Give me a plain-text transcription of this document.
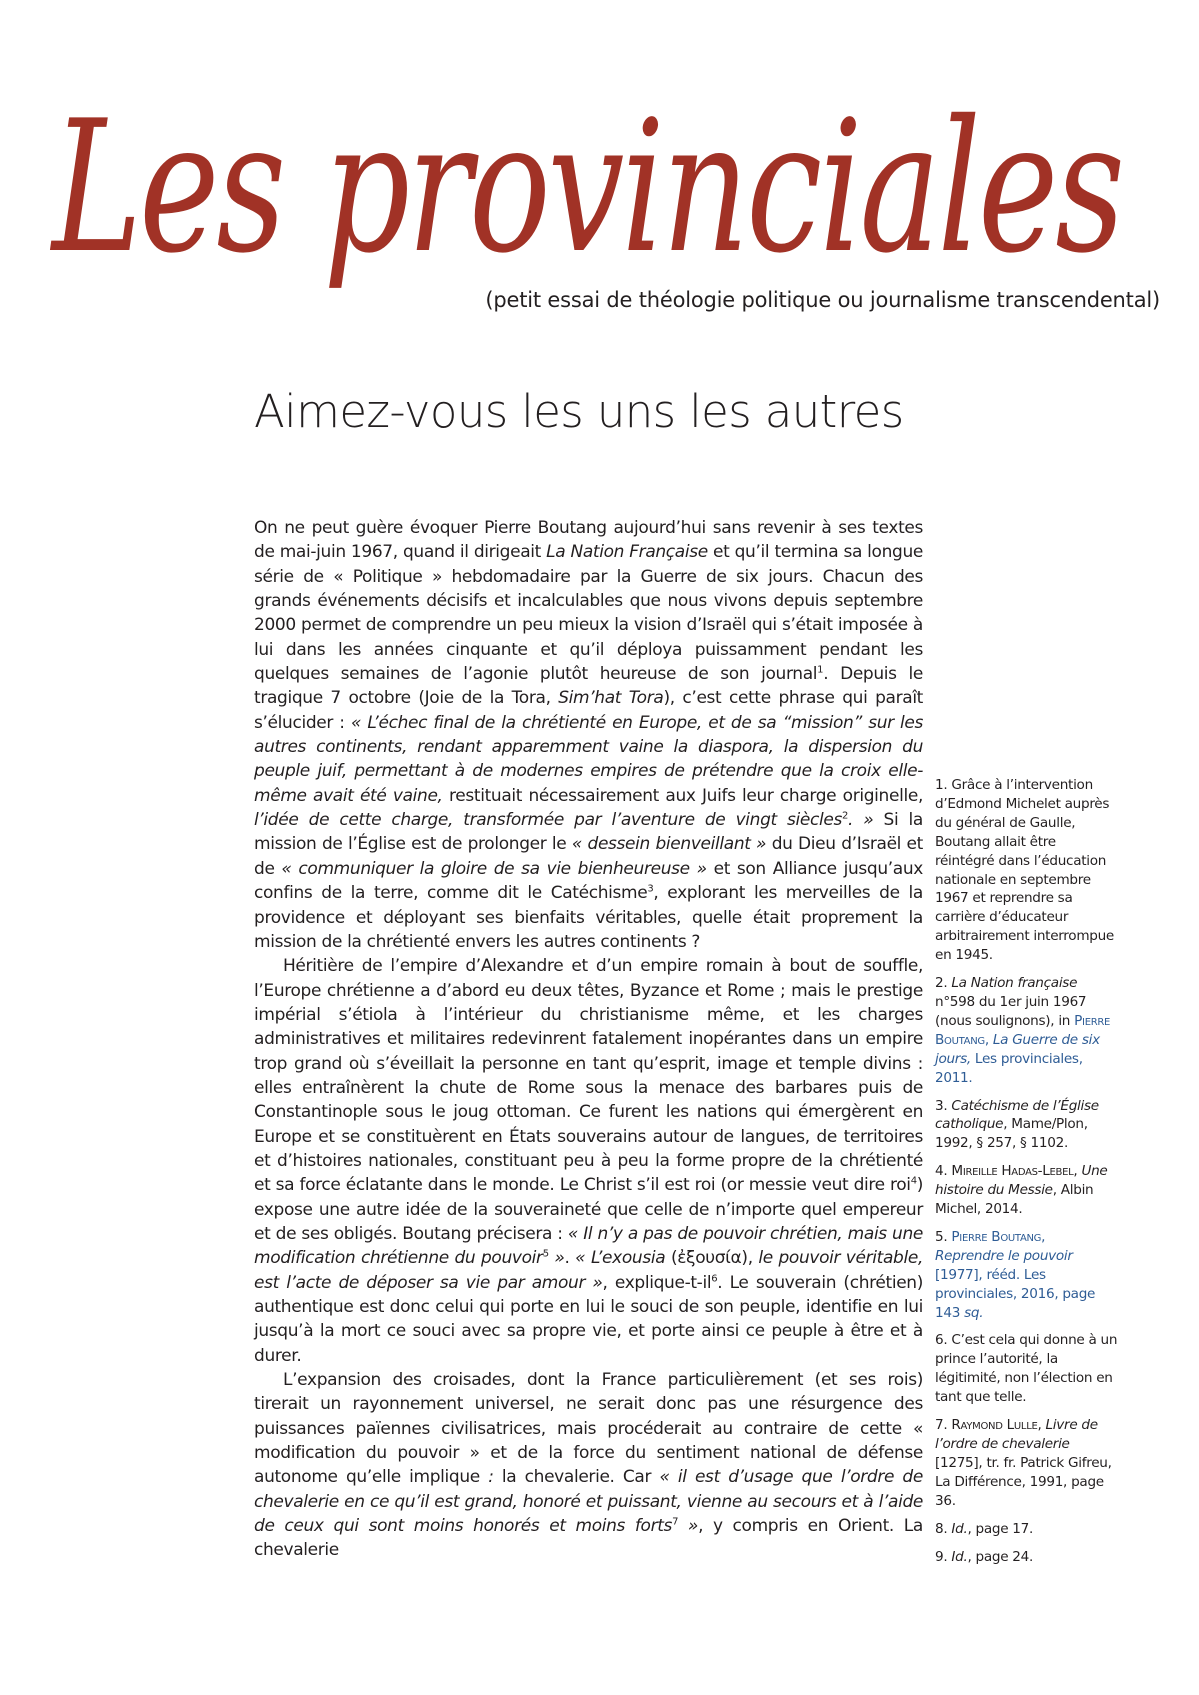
Les provinciales
(petit essai de théologie politique ou journalisme transcendental)
Aimez-vous les uns les autres

On ne peut guère évoquer Pierre Boutang aujourd’hui sans revenir à ses textes de mai-juin 1967, quand il dirigeait La Nation Française et qu’il termina sa longue série de « Politique » hebdomadaire par la Guerre de six jours. Chacun des grands événements décisifs et incalculables que nous vivons depuis septembre 2000 permet de comprendre un peu mieux la vision d’Israël qui s’était imposée à lui dans les années cinquante et qu’il déploya puissamment pendant les quelques semaines de l’agonie plutôt heureuse de son journal$^1$. Depuis le tragique 7 octobre (Joie de la Tora, Sim’hat Tora), c’est cette phrase qui paraît s’élucider : « L’échec final de la chrétienté en Europe, et de sa “mission” sur les autres continents, rendant apparemment vaine la diaspora, la dispersion du peuple juif, permettant à de modernes empires de prétendre que la croix elle-même avait été vaine, restituait nécessairement aux Juifs leur charge originelle, l’idée de cette charge, transformée par l’aventure de vingt siècles$^2$. » Si la mission de l’Église est de prolonger le « dessein bienveillant » du Dieu d’Israël et de « communiquer la gloire de sa vie bienheureuse » et son Alliance jusqu’aux confins de la terre, comme dit le Catéchisme$^3$, explorant les merveilles de la providence et déployant ses bienfaits véritables, quelle était proprement la mission de la chrétienté envers les autres continents ?

Héritière de l’empire d’Alexandre et d’un empire romain à bout de souffle, l’Europe chrétienne a d’abord eu deux têtes, Byzance et Rome ; mais le prestige impérial s’étiola à l’intérieur du christianisme même, et les charges administratives et militaires redevinrent fatalement inopérantes dans un empire trop grand où s’éveillait la personne en tant qu’esprit, image et temple divins : elles entraînèrent la chute de Rome sous la menace des barbares puis de Constantinople sous le joug ottoman. Ce furent les nations qui émergèrent en Europe et se constituèrent en États souverains autour de langues, de territoires et d’histoires nationales, constituant peu à peu la forme propre de la chrétienté et sa force éclatante dans le monde. Le Christ s’il est roi (or messie veut dire roi$^4$) expose une autre idée de la souveraineté que celle de n’importe quel empereur et de ses obligés. Boutang précisera : « Il n’y a pas de pouvoir chrétien, mais une modification chrétienne du pouvoir$^5$ ». « L’exousia (ἐξουσία), le pouvoir véritable, est l’acte de déposer sa vie par amour », explique-$t-il^6$. Le souverain (chrétien) authentique est donc celui qui porte en lui le souci de son peuple, identifie en lui jusqu’à la mort ce souci avec sa propre vie, et porte ainsi ce peuple à être et à durer.

L’expansion des croisades, dont la France particulièrement (et ses rois) tirerait un rayonnement universel, ne serait donc pas une résurgence des puissances païennes civilisatrices, mais procéderait au contraire de cette « modification du pouvoir » et de la force du sentiment national de défense autonome qu’elle implique : la chevalerie. Car « il est d’usage que l’ordre de chevalerie en ce qu’il est grand, honoré et puissant, vienne au secours et à l’aide de ceux qui sont moins honorés et moins forts$^7$ », y compris en Orient. La chevalerie

1. Grâce à l’intervention d’Edmond Michelet auprès du général de Gaulle, Boutang allait être réintégré dans l’éducation nationale en septembre 1967 et reprendre sa carrière d’éducateur arbitrairement interrompue en 1945.
2. La Nation française n°598 du 1er juin 1967 (nous soulignons), in Pierre Boutang, La Guerre de six jours, Les provinciales, 2011.
3. Catéchisme de l’Église catholique, Mame/Plon, 1992, § 257, § 1102.
4. Mireille Hadas-Lebel, Une histoire du Messie, Albin Michel, 2014.
5. Pierre Boutang, Reprendre le pouvoir [1977], rééd. Les provinciales, 2016, page 143 sq.
6. C’est cela qui donne à un prince l’autorité, la légitimité, non l’élection en tant que telle.
7. Raymond Lulle, Livre de l’ordre de chevalerie [1275], tr. fr. Patrick Gifreu, La Différence, 1991, page 36.
8. Id., page 17.
9. Id., page 24.
